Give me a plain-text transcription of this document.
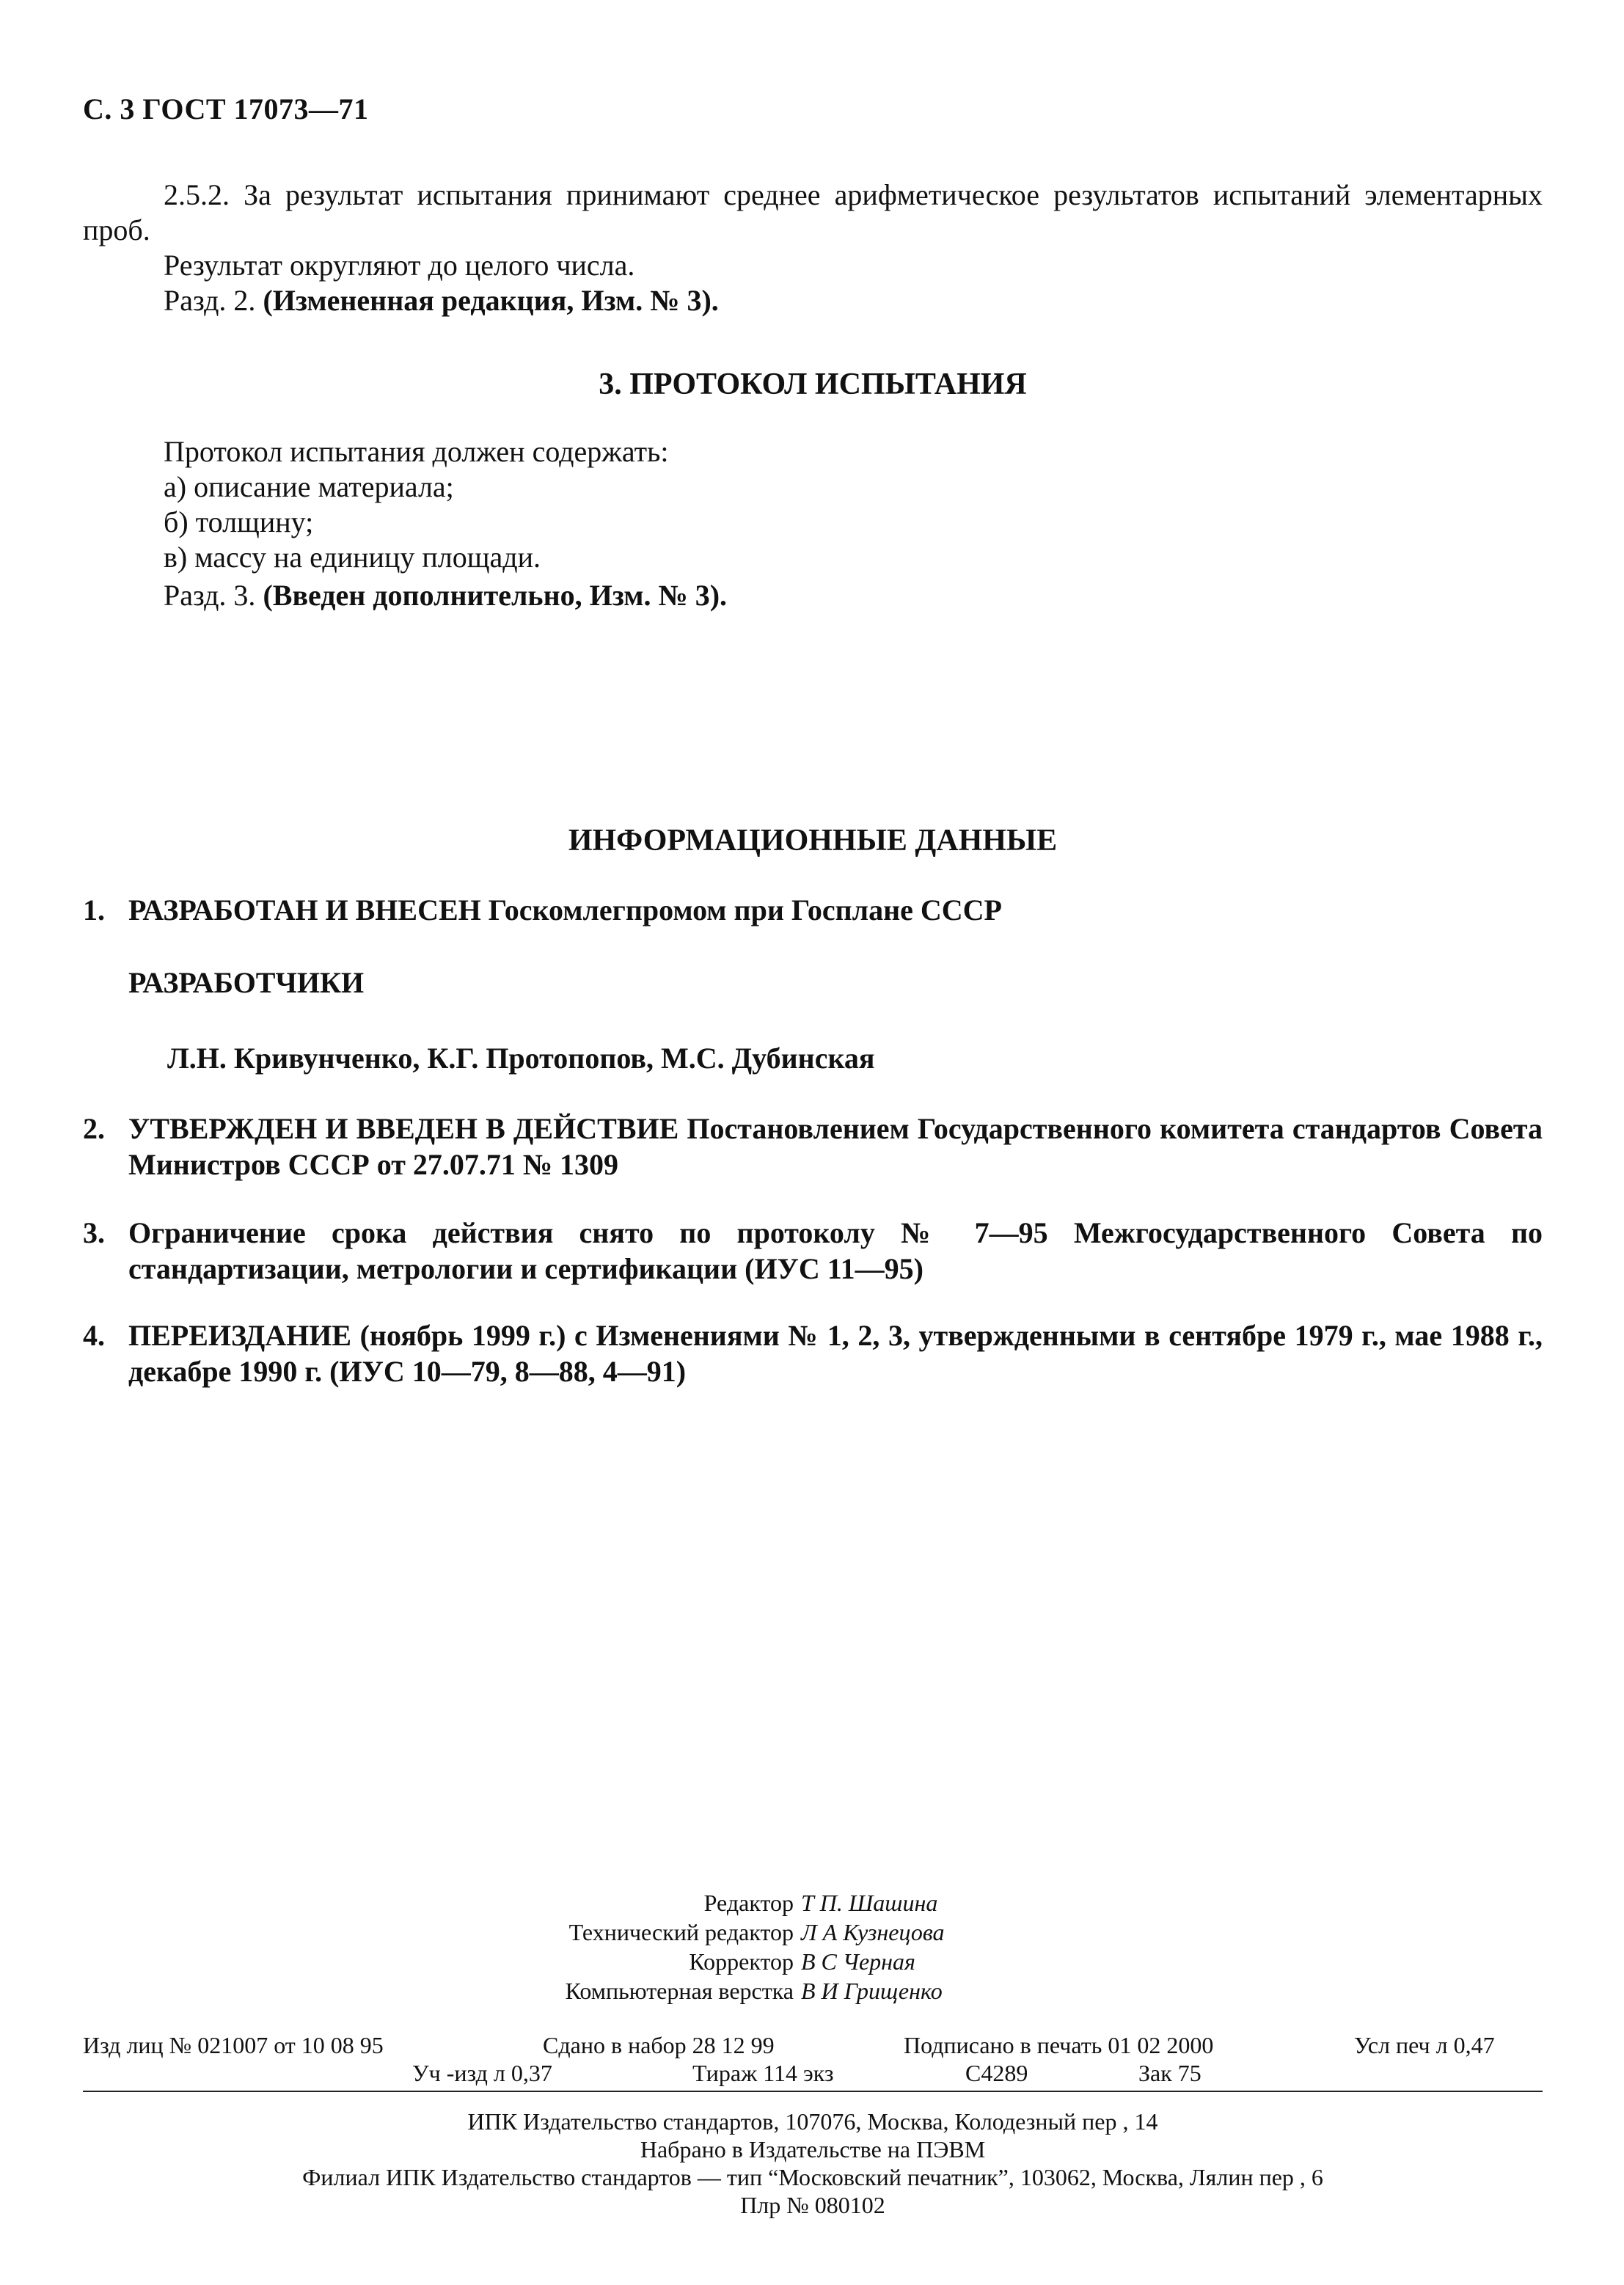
С. 3 ГОСТ 17073—71
2.5.2. За результат испытания принимают среднее арифметическое результатов испытаний элементарных проб.
Результат округляют до целого числа.
Разд. 2. (Измененная редакция, Изм. № 3).
3. ПРОТОКОЛ ИСПЫТАНИЯ
Протокол испытания должен содержать:
а) описание материала;
б) толщину;
в) массу на единицу площади.
Разд. 3. (Введен дополнительно, Изм. № 3).
ИНФОРМАЦИОННЫЕ ДАННЫЕ
1. РАЗРАБОТАН И ВНЕСЕН Госкомлегпромом при Госплане СССР
РАЗРАБОТЧИКИ
Л.Н. Кривунченко, К.Г. Протопопов, М.С. Дубинская
2. УТВЕРЖДЕН И ВВЕДЕН В ДЕЙСТВИЕ Постановлением Государственного комитета стандартов Совета Министров СССР от 27.07.71 № 1309
3. Ограничение срока действия снято по протоколу № 7—95 Межгосударственного Совета по стандартизации, метрологии и сертификации (ИУС 11—95)
4. ПЕРЕИЗДАНИЕ (ноябрь 1999 г.) с Изменениями № 1, 2, 3, утвержденными в сентябре 1979 г., мае 1988 г., декабре 1990 г. (ИУС 10—79, 8—88, 4—91)
Редактор Т П. Шашина
Технический редактор Л А Кузнецова
Корректор В С Черная
Компьютерная верстка В И Грищенко
Изд лиц № 021007 от 10 08 95	Сдано в набор 28 12 99	Подписано в печать 01 02 2000	Усл печ л 0,47
Уч -изд л 0,37	Тираж 114 экз	С4289	Зак 75
ИПК Издательство стандартов, 107076, Москва, Колодезный пер , 14
Набрано в Издательстве на ПЭВМ
Филиал ИПК Издательство стандартов — тип “Московский печатник”, 103062, Москва, Лялин пер , 6
Плр № 080102
